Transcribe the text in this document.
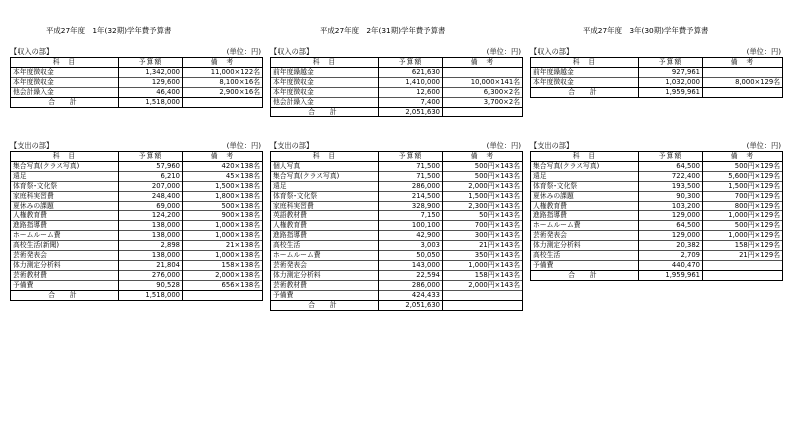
平成27年度　1年(32期)学年費予算書
【収入の部】	(単位：円)
科　目	予算額	備　考
本年度徴収金	1,342,000	11,000×122名
本年度徴収金	129,600	8,100×16名
他会計繰入金	46,400	2,900×16名
合　計	1,518,000	
【支出の部】	(単位：円)
科　目	予算額	備　考
集合写真(クラス写真)	57,960	420×138名
遠足	6,210	45×138名
体育祭･文化祭	207,000	1,500×138名
家庭科実習費	248,400	1,800×138名
夏休みの課題	69,000	500×138名
人権教育費	124,200	900×138名
進路指導費	138,000	1,000×138名
ホームルーム費	138,000	1,000×138名
高校生活(新聞)	2,898	21×138名
芸術発表会	138,000	1,000×138名
体力測定分析料	21,804	158×138名
芸術教材費	276,000	2,000×138名
予備費	90,528	656×138名
合　計	1,518,000	
平成27年度　2年(31期)学年費予算書
【収入の部】	(単位：円)
科　目	予算額	備　考
前年度繰越金	621,630	
本年度徴収金	1,410,000	10,000×141名
本年度徴収金	12,600	6,300×2名
他会計繰入金	7,400	3,700×2名
合　計	2,051,630	
【支出の部】	(単位：円)
科　目	予算額	備　考
個人写真	71,500	500円×143名
集合写真(クラス写真)	71,500	500円×143名
遠足	286,000	2,000円×143名
体育祭･文化祭	214,500	1,500円×143名
家庭科実習費	328,900	2,300円×143名
英語教材費	7,150	50円×143名
人権教育費	100,100	700円×143名
進路指導費	42,900	300円×143名
高校生活	3,003	21円×143名
ホームルーム費	50,050	350円×143名
芸術発表会	143,000	1,000円×143名
体力測定分析料	22,594	158円×143名
芸術教材費	286,000	2,000円×143名
予備費	424,433	
合　計	2,051,630	
平成27年度　3年(30期)学年費予算書
【収入の部】	(単位：円)
科　目	予算額	備　考
前年度繰越金	927,961	
本年度徴収金	1,032,000	8,000×129名
合　計	1,959,961	
【支出の部】	(単位：円)
科　目	予算額	備　考
集合写真(クラス写真)	64,500	500円×129名
遠足	722,400	5,600円×129名
体育祭･文化祭	193,500	1,500円×129名
夏休みの課題	90,300	700円×129名
人権教育費	103,200	800円×129名
進路指導費	129,000	1,000円×129名
ホームルーム費	64,500	500円×129名
芸術発表会	129,000	1,000円×129名
体力測定分析料	20,382	158円×129名
高校生活	2,709	21円×129名
予備費	440,470	
合　計	1,959,961	
